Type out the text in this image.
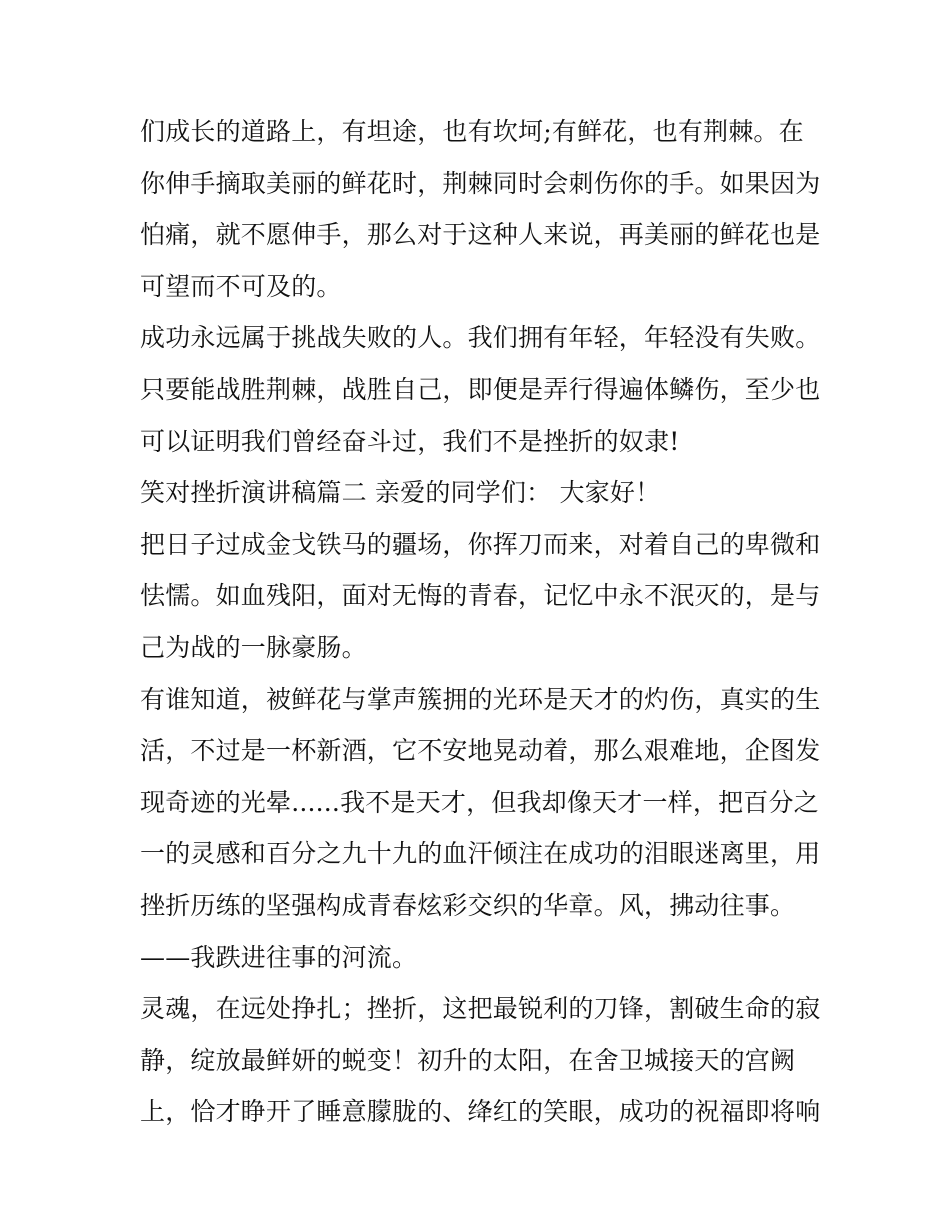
们成长的道路上，有坦途，也有坎坷;有鲜花，也有荆棘。在
你伸手摘取美丽的鲜花时，荆棘同时会刺伤你的手。如果因为
怕痛，就不愿伸手，那么对于这种人来说，再美丽的鲜花也是
可望而不可及的。
成功永远属于挑战失败的人。我们拥有年轻，年轻没有失败。
只要能战胜荆棘，战胜自己，即便是弄行得遍体鳞伤，至少也
可以证明我们曾经奋斗过，我们不是挫折的奴隶!
笑对挫折演讲稿篇二 亲爱的同学们： 大家好！
把日子过成金戈铁马的疆场，你挥刀而来，对着自己的卑微和
怯懦。如血残阳，面对无悔的青春，记忆中永不泯灭的，是与
己为战的一脉豪肠。
有谁知道，被鲜花与掌声簇拥的光环是天才的灼伤，真实的生
活，不过是一杯新酒，它不安地晃动着，那么艰难地，企图发
现奇迹的光晕......我不是天才，但我却像天才一样，把百分之
一的灵感和百分之九十九的血汗倾注在成功的泪眼迷离里，用
挫折历练的坚强构成青春炫彩交织的华章。风，拂动往事。
——我跌进往事的河流。
灵魂，在远处挣扎；挫折，这把最锐利的刀锋，割破生命的寂
静，绽放最鲜妍的蜕变！初升的太阳，在舍卫城接天的宫阙
上，恰才睁开了睡意朦胧的、绛红的笑眼，成功的祝福即将响
